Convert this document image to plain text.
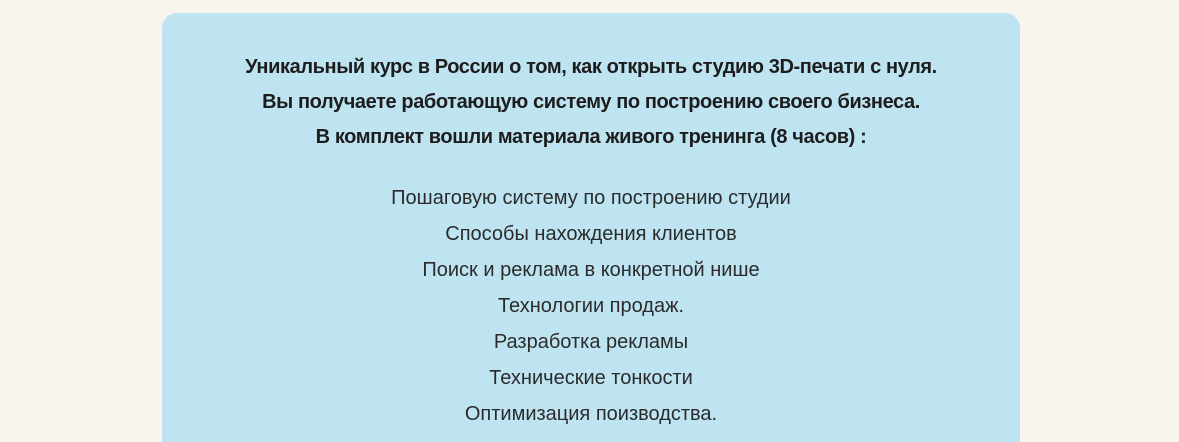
Уникальный курс в России о том, как открыть студию 3D-печати с нуля.
Вы получаете работающую систему по построению своего бизнеса.
В комплект вошли материала живого тренинга (8 часов) :
Пошаговую систему по построению студии
Способы нахождения клиентов
Поиск и реклама в конкретной нише
Технологии продаж.
Разработка рекламы
Технические тонкости
Оптимизация поизводства.
